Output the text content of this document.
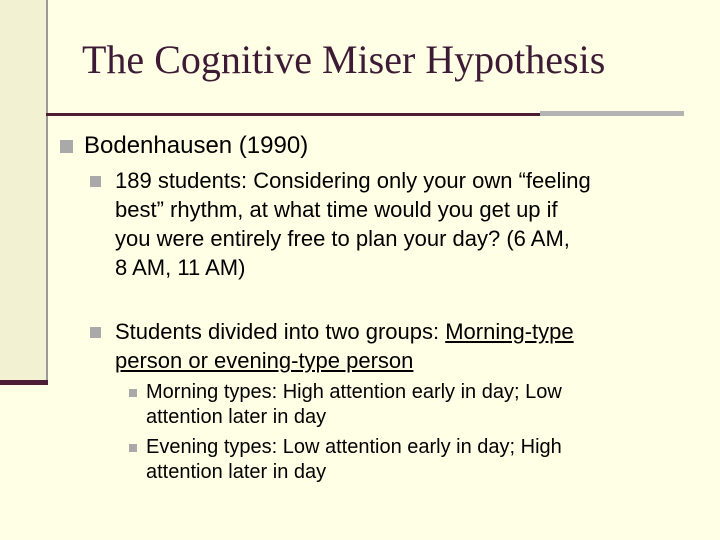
The Cognitive Miser Hypothesis
Bodenhausen (1990)
189 students: Considering only your own “feeling
best” rhythm, at what time would you get up if
you were entirely free to plan your day? (6 AM,
8 AM, 11 AM)
Students divided into two groups: Morning-type
person or evening-type person
Morning types: High attention early in day; Low
attention later in day
Evening types: Low attention early in day; High
attention later in day
